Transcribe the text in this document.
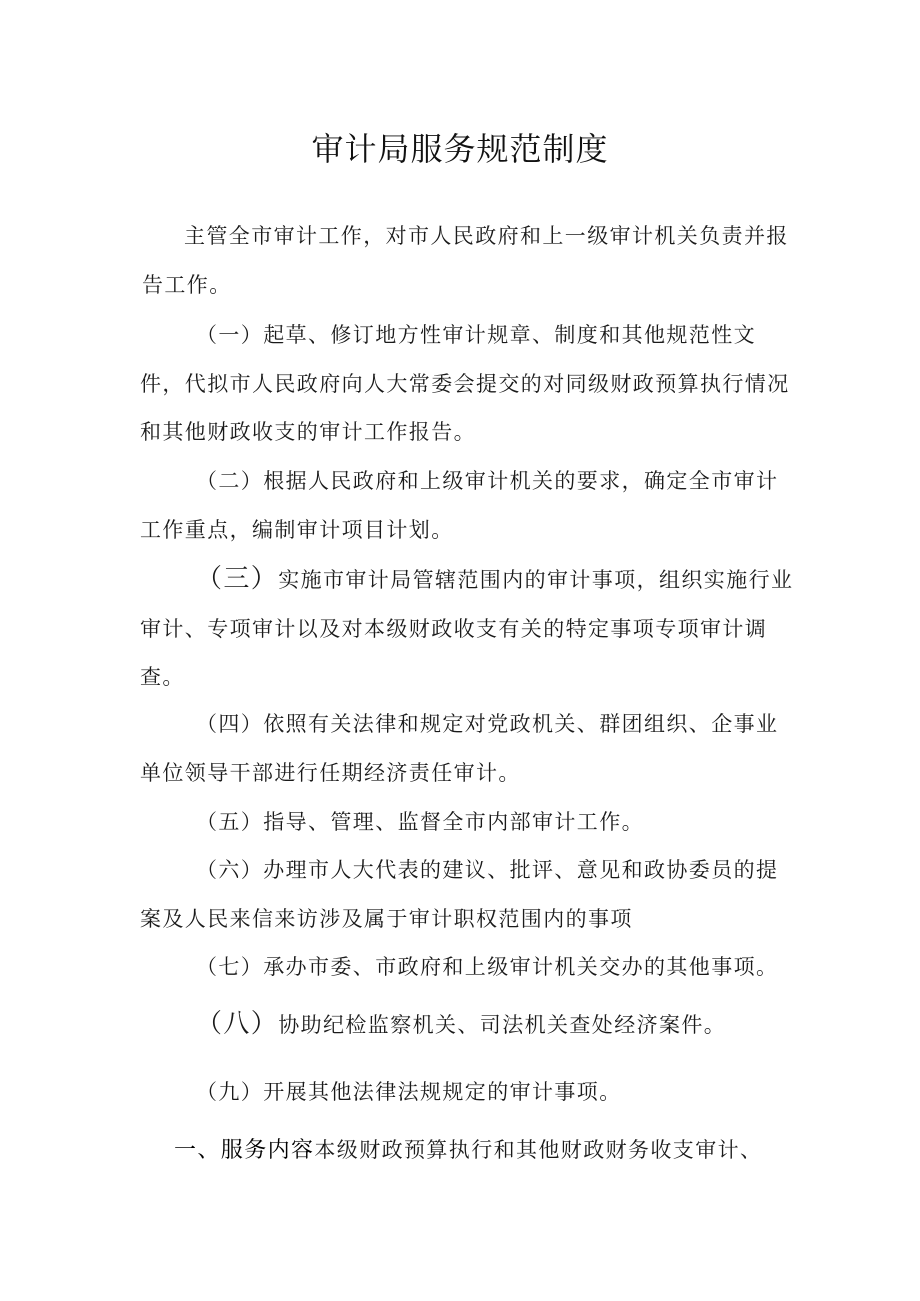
审计局服务规范制度
主管全市审计工作，对市人民政府和上一级审计机关负责并报告工作。
（一）起草、修订地方性审计规章、制度和其他规范性文件，代拟市人民政府向人大常委会提交的对同级财政预算执行情况和其他财政收支的审计工作报告。
（二）根据人民政府和上级审计机关的要求，确定全市审计工作重点，编制审计项目计划。
（三）实施市审计局管辖范围内的审计事项，组织实施行业审计、专项审计以及对本级财政收支有关的特定事项专项审计调查。
（四）依照有关法律和规定对党政机关、群团组织、企事业单位领导干部进行任期经济责任审计。
（五）指导、管理、监督全市内部审计工作。
（六）办理市人大代表的建议、批评、意见和政协委员的提案及人民来信来访涉及属于审计职权范围内的事项
（七）承办市委、市政府和上级审计机关交办的其他事项。
（八）协助纪检监察机关、司法机关查处经济案件。
（九）开展其他法律法规规定的审计事项。
一、服务内容本级财政预算执行和其他财政财务收支审计、
